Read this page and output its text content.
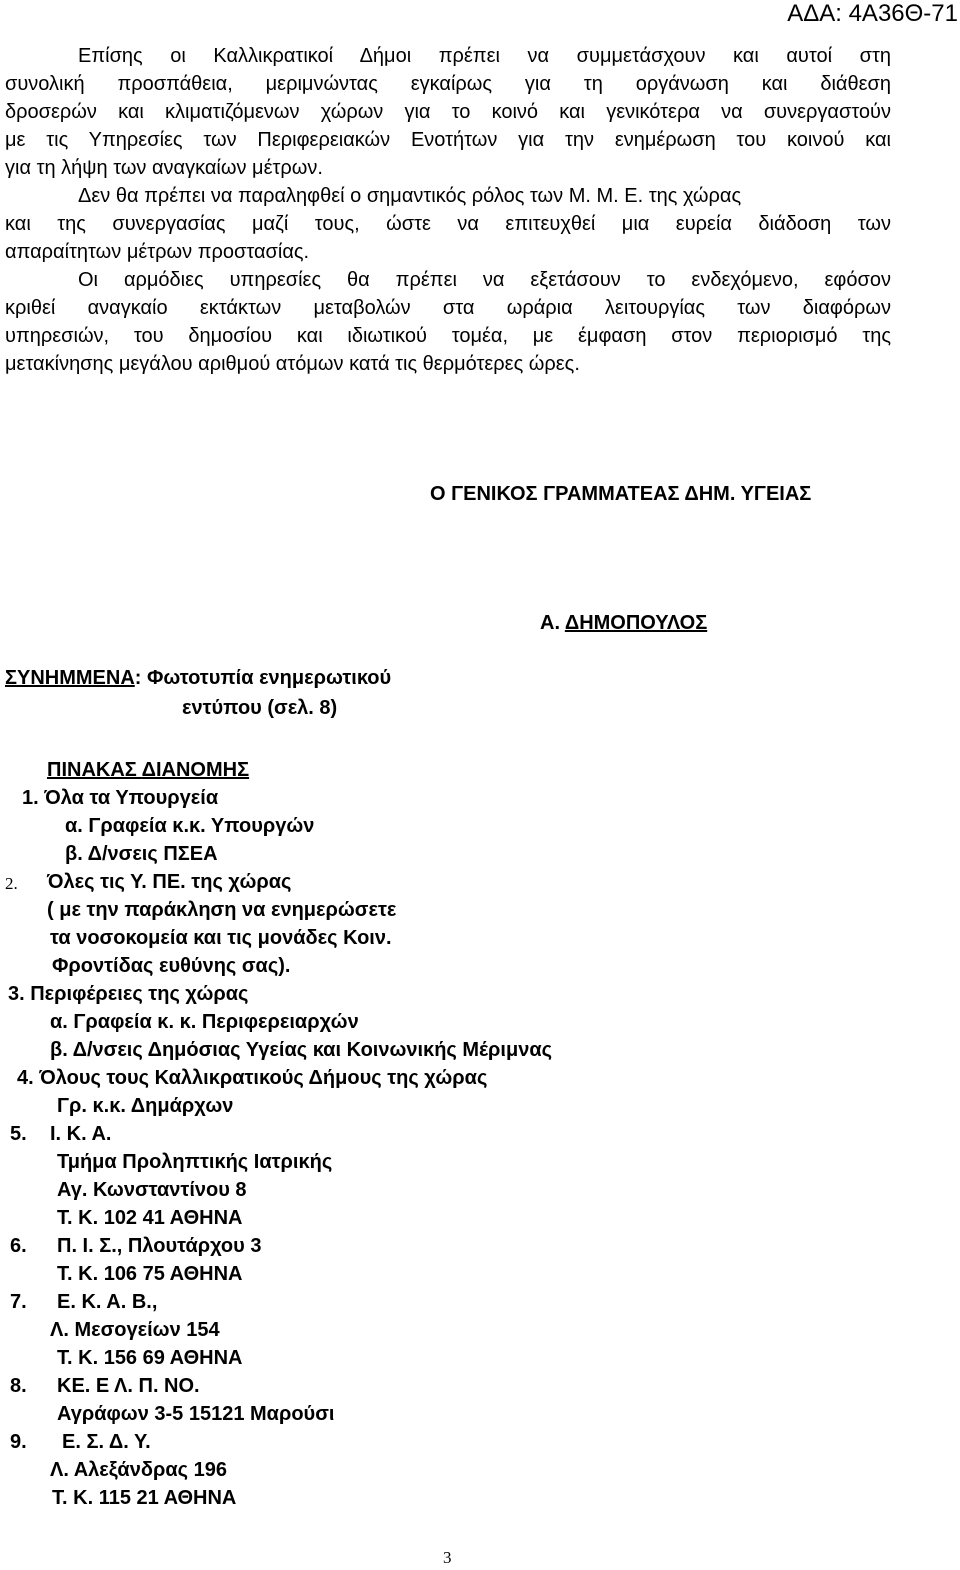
ΑΔΑ: 4Α36Θ-71
Επίσης οι Καλλικρατικοί Δήμοι πρέπει να συμμετάσχουν και αυτοί στη
συνολική προσπάθεια, μεριμνώντας εγκαίρως για τη οργάνωση και διάθεση
δροσερών και κλιματιζόμενων χώρων για το κοινό και γενικότερα να συνεργαστούν
με τις Υπηρεσίες των Περιφερειακών Ενοτήτων για την ενημέρωση του κοινού και
για τη λήψη των αναγκαίων μέτρων.
Δεν θα πρέπει να παραληφθεί ο σημαντικός ρόλος των Μ. Μ. Ε. της χώρας
και της συνεργασίας μαζί τους, ώστε να επιτευχθεί μια ευρεία διάδοση των
απαραίτητων μέτρων προστασίας.
Οι αρμόδιες υπηρεσίες θα πρέπει να εξετάσουν το ενδεχόμενο, εφόσον
κριθεί αναγκαίο εκτάκτων μεταβολών στα ωράρια λειτουργίας των διαφόρων
υπηρεσιών, του δημοσίου και ιδιωτικού τομέα, με έμφαση στον περιορισμό της
μετακίνησης μεγάλου αριθμού ατόμων κατά τις θερμότερες ώρες.
Ο ΓΕΝΙΚΟΣ ΓΡΑΜΜΑΤΕΑΣ ΔΗΜ. ΥΓΕΙΑΣ
Α. ΔΗΜΟΠΟΥΛΟΣ
ΣΥΝΗΜΜΕΝΑ: Φωτοτυπία ενημερωτικού
εντύπου (σελ. 8)
ΠΙΝΑΚΑΣ ΔΙΑΝΟΜΗΣ
1. Όλα τα Υπουργεία
α. Γραφεία κ.κ. Υπουργών
β. Δ/νσεις ΠΣΕΑ
2. Όλες τις Υ. ΠΕ. της χώρας
( με την παράκληση να ενημερώσετε
τα νοσοκομεία και τις μονάδες Κοιν.
Φροντίδας ευθύνης σας).
3. Περιφέρειες της χώρας
α. Γραφεία κ. κ. Περιφερειαρχών
β. Δ/νσεις Δημόσιας Υγείας και Κοινωνικής Μέριμνας
4. Όλους τους Καλλικρατικούς Δήμους της χώρας
Γρ. κ.κ. Δημάρχων
5. Ι. Κ. Α.
Τμήμα Προληπτικής Ιατρικής
Αγ. Κωνσταντίνου 8
Τ. Κ. 102 41 ΑΘΗΝΑ
6. Π. Ι. Σ., Πλουτάρχου 3
Τ. Κ. 106 75 ΑΘΗΝΑ
7. Ε. Κ. Α. Β.,
Λ. Μεσογείων 154
Τ. Κ. 156 69 ΑΘΗΝΑ
8. ΚΕ. Ε Λ. Π. ΝΟ.
Αγράφων 3-5 15121 Μαρούσι
9. Ε. Σ. Δ. Υ.
Λ. Αλεξάνδρας 196
Τ. Κ. 115 21 ΑΘΗΝΑ
3
